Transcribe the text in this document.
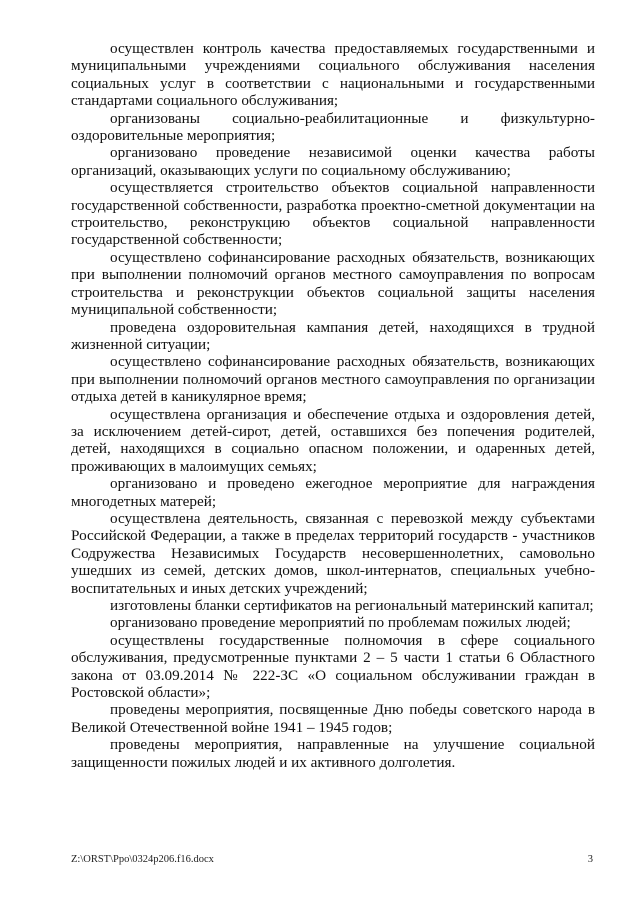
осуществлен контроль качества предоставляемых государственными и муниципальными учреждениями социального обслуживания населения социальных услуг в соответствии с национальными и государственными стандартами социального обслуживания;

организованы социально-реабилитационные и физкультурно-оздоровительные мероприятия;

организовано проведение независимой оценки качества работы организаций, оказывающих услуги по социальному обслуживанию;

осуществляется строительство объектов социальной направленности государственной собственности, разработка проектно-сметной документации на строительство, реконструкцию объектов социальной направленности государственной собственности;

осуществлено софинансирование расходных обязательств, возникающих при выполнении полномочий органов местного самоуправления по вопросам строительства и реконструкции объектов социальной защиты населения муниципальной собственности;

проведена оздоровительная кампания детей, находящихся в трудной жизненной ситуации;

осуществлено софинансирование расходных обязательств, возникающих при выполнении полномочий органов местного самоуправления по организации отдыха детей в каникулярное время;

осуществлена организация и обеспечение отдыха и оздоровления детей, за исключением детей-сирот, детей, оставшихся без попечения родителей, детей, находящихся в социально опасном положении, и одаренных детей, проживающих в малоимущих семьях;

организовано и проведено ежегодное мероприятие для награждения многодетных матерей;

осуществлена деятельность, связанная с перевозкой между субъектами Российской Федерации, а также в пределах территорий государств - участников Содружества Независимых Государств несовершеннолетних, самовольно ушедших из семей, детских домов, школ-интернатов, специальных учебно-воспитательных и иных детских учреждений;

изготовлены бланки сертификатов на региональный материнский капитал;

организовано проведение мероприятий по проблемам пожилых людей;

осуществлены государственные полномочия в сфере социального обслуживания, предусмотренные пунктами 2 – 5 части 1 статьи 6 Областного закона от 03.09.2014 № 222-ЗС «О социальном обслуживании граждан в Ростовской области»;

проведены мероприятия, посвященные Дню победы советского народа в Великой Отечественной войне 1941 – 1945 годов;

проведены мероприятия, направленные на улучшение социальной защищенности пожилых людей и их активного долголетия.

Z:\ORST\Ppo\0324p206.f16.docx	3
